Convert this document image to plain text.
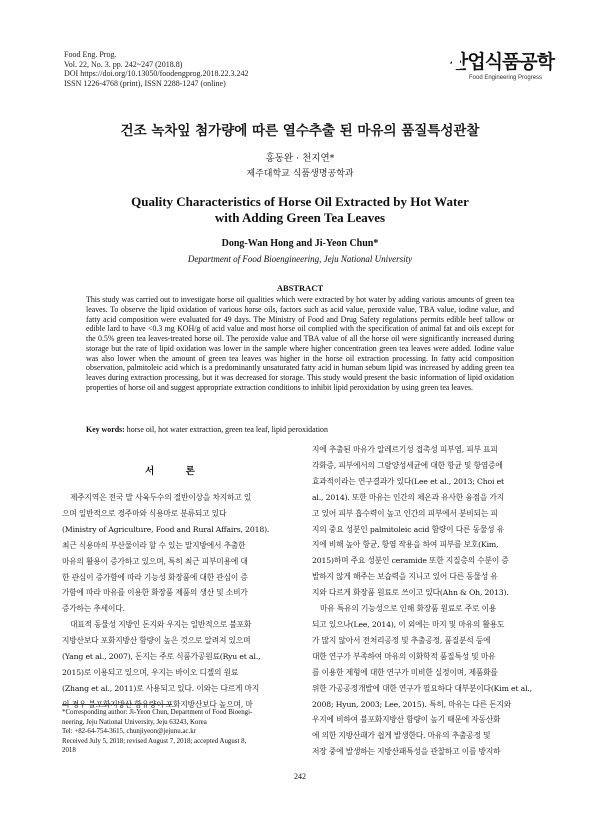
Food Eng. Prog.
Vol. 22, No. 3. pp. 242~247 (2018.8)
DOI https://doi.org/10.13050/foodengprog.2018.22.3.242
ISSN 1226-4768 (print), ISSN 2288-1247 (online)
산업식품공학
Food Engineering Progress
건조 녹차잎 첨가량에 따른 열수추출 된 마유의 품질특성관찰
홍동완 · 천지연*
제주대학교 식품생명공학과
Quality Characteristics of Horse Oil Extracted by Hot Water
with Adding Green Tea Leaves
Dong-Wan Hong and Ji-Yeon Chun*
Department of Food Bioengineering, Jeju National University
ABSTRACT
This study was carried out to investigate horse oil qualities which were extracted by hot water by adding various amounts of green tea leaves. To observe the lipid oxidation of various horse oils, factors such as acid value, peroxide value, TBA value, iodine value, and fatty acid composition were evaluated for 49 days. The Ministry of Food and Drug Safety regulations permits edible beef tallow or edible lard to have <0.3 mg KOH/g of acid value and most horse oil complied with the specification of animal fat and oils except for the 0.5% green tea leaves-treated horse oil. The peroxide value and TBA value of all the horse oil were significantly increased during storage but the rate of lipid oxidation was lower in the sample where higher concentration green tea leaves were added. Iodine value was also lower when the amount of green tea leaves was higher in the horse oil extraction processing. In fatty acid composition observation, palmitoleic acid which is a predominantly unsaturated fatty acid in human sebum lipid was increased by adding green tea leaves during extraction processing, but it was decreased for storage. This study would present the basic information of lipid oxidation properties of horse oil and suggest appropriate extraction conditions to inhibit lipid peroxidation by using green tea leaves.
Key words: horse oil, hot water extraction, green tea leaf, lipid peroxidation
서 론
제주지역은 전국 말 사육두수의 절반이상을 차지하고 있
으며 일반적으로 경주마와 식용마로 분류되고 있다
(Ministry of Agriculture, Food and Rural Affairs, 2018).
최근 식용마의 부산물이라 할 수 있는 말지방에서 추출한
마유의 활용이 증가하고 있으며, 특히 최근 피부미용에 대
한 관심이 증가함에 따라 기능성 화장품에 대한 관심이 증
가함에 따라 마유를 이용한 화장품 제품의 생산 및 소비가
증가하는 추세이다.
대표적 동물성 지방인 돈지와 우지는 일반적으로 불포화
지방산보다 포화지방산 함량이 높은 것으로 알려져 있으며
(Yang et al., 2007), 돈지는 주로 식품가공원료(Ryu et al.,
2015)로 이용되고 있으며, 우지는 바이오 디젤의 원료
(Zhang et al., 2011)로 사용되고 있다. 이와는 다르게 마지
의 경우 불포화지방산 함유량이 포화지방산보다 높으며, 마
지에 추출된 마유가 알레르기성 접촉성 피부염, 피부 표피
각화증, 피부에서의 그람양성세균에 대한 항균 및 항염증에
효과적이라는 연구결과가 있다(Lee et al., 2013; Choi et
al., 2014). 또한 마유는 인간의 체온과 유사한 융점을 가지
고 있어 피부 흡수력이 높고 인간의 피부에서 분비되는 피
지의 중요 성분인 palmitoleic acid 함량이 다른 동물성 유
지에 비해 높아 항균, 항염 작용을 하여 피부를 보호(Kim,
2015)하며 주요 성분인 ceramide 또한 지질층의 수분이 증
발하지 않게 해주는 보습력을 지니고 있어 다른 동물성 유
지와 다르게 화장품 원료로 쓰이고 있다(Ahn & Oh, 2013).
마유 특유의 기능성으로 인해 화장품 원료로 주로 이용
되고 있으나(Lee, 2014), 이 외에는 마지 및 마유의 활용도
가 많지 않아서 전처리공정 및 추출공정, 품질분석 등에
대한 연구가 부족하여 마유의 이화학적 품질특성 및 마유
를 이용한 제형에 대한 연구가 미비한 실정이며, 제품화를
위한 가공공정개발에 대한 연구가 필요하다 대부분이다(Kim et al.,
2008; Hyun, 2003; Lee, 2015). 특히, 마유는 다른 돈지와
우지에 비하여 불포화지방산 함량이 높기 때문에 자동산화
에 의한 지방산패가 쉽게 발생한다. 마유의 추출공정 및
저장 중에 발생하는 지방산패특성을 관찰하고 이를 방지하
*Corresponding author: Ji-Yeon Chun, Department of Food Bioengi-
neering, Jeju National University, Jeju 63243, Korea
Tel: +82-64-754-3615, chunjiyeon@jejunu.ac.kr
Received July 5, 2018; revised August 7, 2018; accepted August 8,
2018
242
